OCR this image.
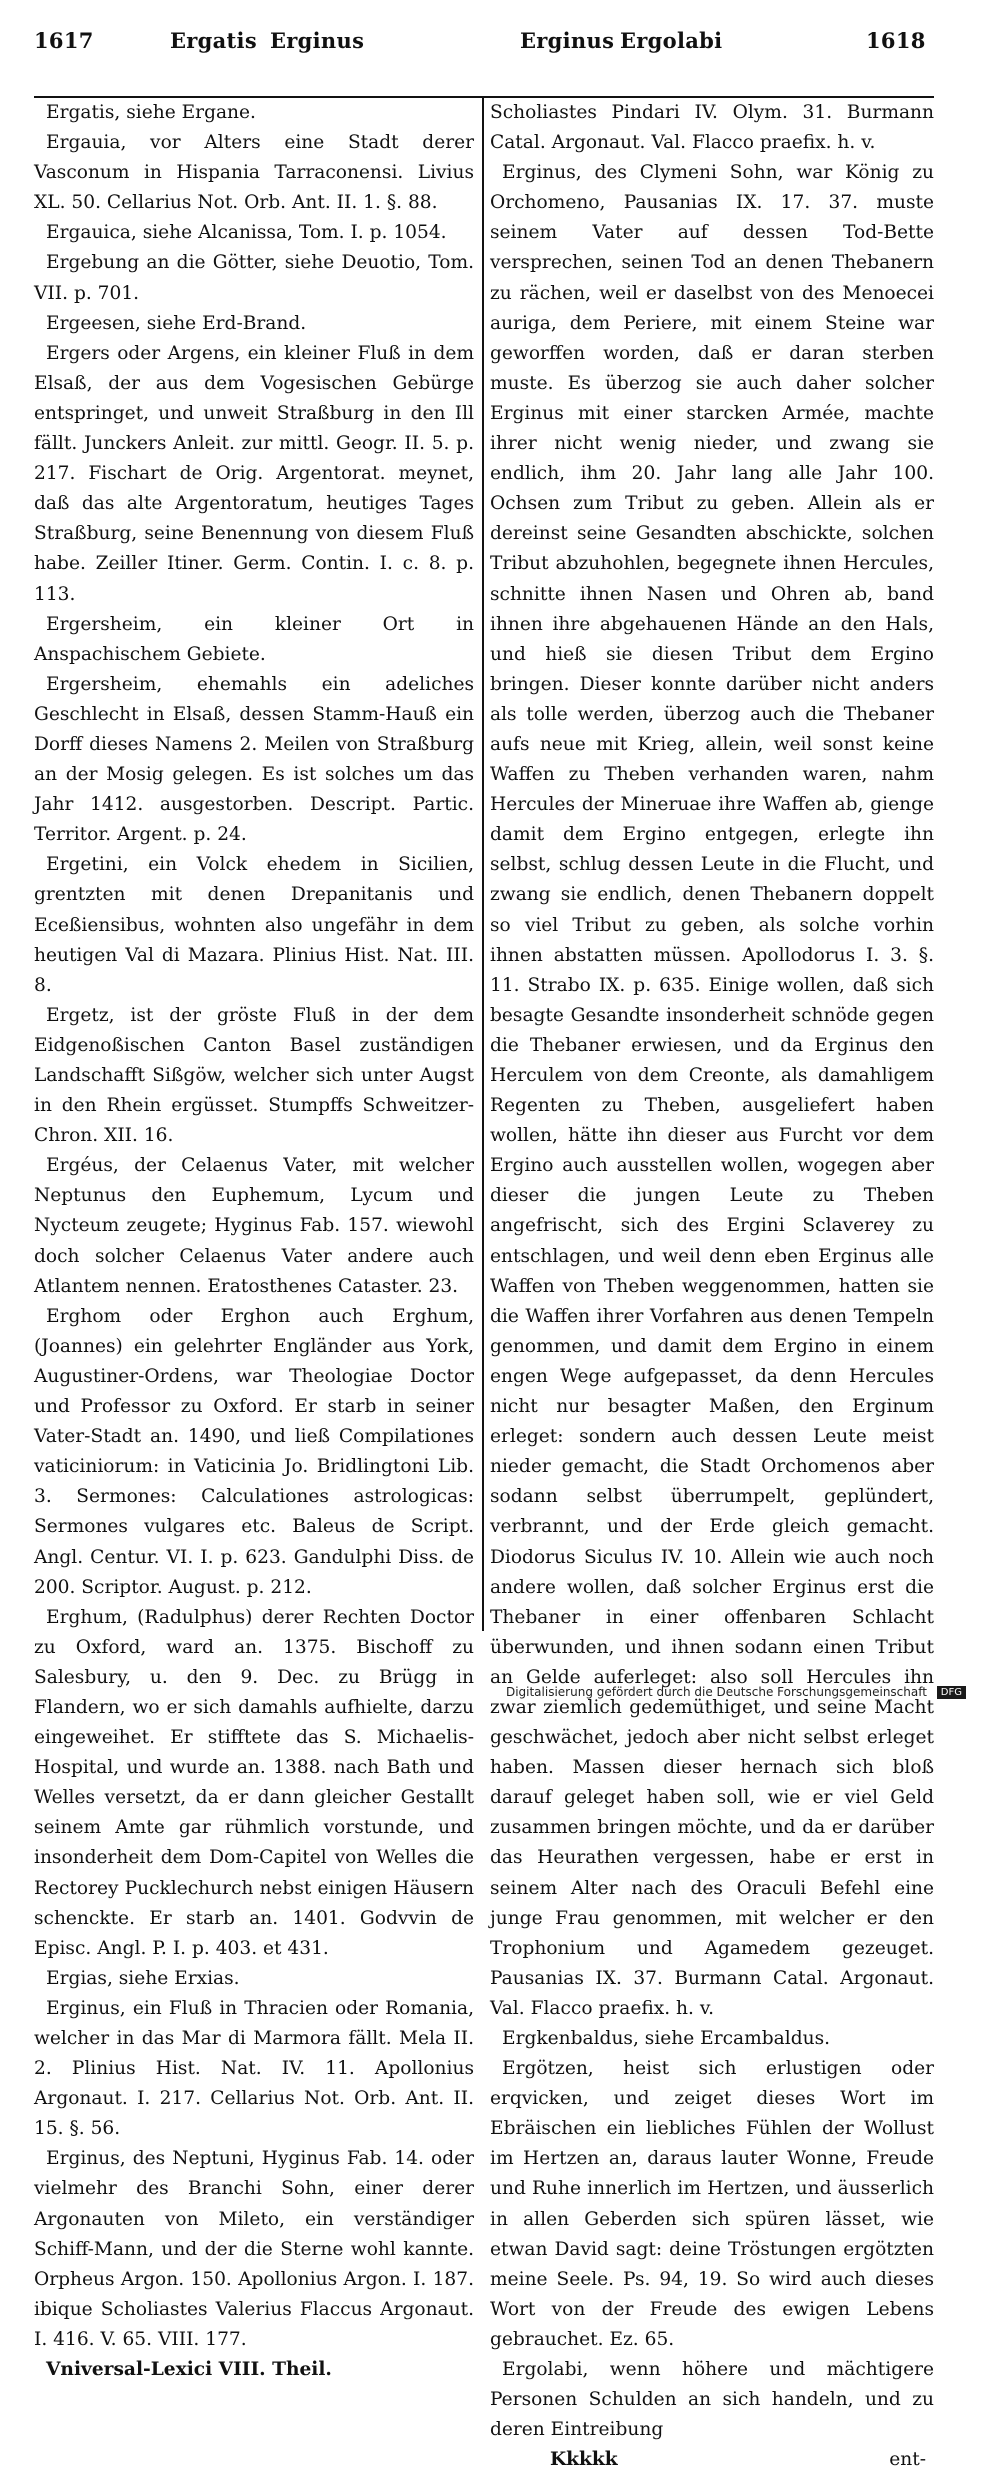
1617	Ergatis Erginus	Erginus Ergolabi	1618

Ergatis, siehe Ergane.

Ergauia, vor Alters eine Stadt derer Vasconum in Hispania Tarraconensi. Livius XL. 50. Cellarius Not. Orb. Ant. II. 1. §. 88.

Ergauica, siehe Alcanissa, Tom. I. p. 1054.

Ergebung an die Götter, siehe Deuotio, Tom. VII. p. 701.

Ergeesen, siehe Erd-Brand.

Ergers oder Argens, ein kleiner Fluß in dem Elsaß, der aus dem Vogesischen Gebürge entspringet, und unweit Straßburg in den Ill fällt. Junckers Anleit. zur mittl. Geogr. II. 5. p. 217. Fischart de Orig. Argentorat. meynet, daß das alte Argentoratum, heutiges Tages Straßburg, seine Benennung von diesem Fluß habe. Zeiller Itiner. Germ. Contin. I. c. 8. p. 113.

Ergersheim, ein kleiner Ort in Anspachischem Gebiete.

Ergersheim, ehemahls ein adeliches Geschlecht in Elsaß, dessen Stamm-Hauß ein Dorff dieses Namens 2. Meilen von Straßburg an der Mosig gelegen. Es ist solches um das Jahr 1412. ausgestorben. Descript. Partic. Territor. Argent. p. 24.

Ergetini, ein Volck ehedem in Sicilien, grentzten mit denen Drepanitanis und Eceßiensibus, wohnten also ungefähr in dem heutigen Val di Mazara. Plinius Hist. Nat. III. 8.

Ergetz, ist der gröste Fluß in der dem Eidgenoßischen Canton Basel zuständigen Landschafft Sißgöw, welcher sich unter Augst in den Rhein ergüsset. Stumpffs Schweitzer-Chron. XII. 16.

Ergéus, der Celaenus Vater, mit welcher Neptunus den Euphemum, Lycum und Nycteum zeugete; Hyginus Fab. 157. wiewohl doch solcher Celaenus Vater andere auch Atlantem nennen. Eratosthenes Cataster. 23.

Erghom oder Erghon auch Erghum, (Joannes) ein gelehrter Engländer aus York, Augustiner-Ordens, war Theologiae Doctor und Professor zu Oxford. Er starb in seiner Vater-Stadt an. 1490, und ließ Compilationes vaticiniorum: in Vaticinia Jo. Bridlingtoni Lib. 3. Sermones: Calculationes astrologicas: Sermones vulgares etc. Baleus de Script. Angl. Centur. VI. I. p. 623. Gandulphi Diss. de 200. Scriptor. August. p. 212.

Erghum, (Radulphus) derer Rechten Doctor zu Oxford, ward an. 1375. Bischoff zu Salesbury, u. den 9. Dec. zu Brügg in Flandern, wo er sich damahls aufhielte, darzu eingeweihet. Er stifftete das S. Michaelis-Hospital, und wurde an. 1388. nach Bath und Welles versetzt, da er dann gleicher Gestallt seinem Amte gar rühmlich vorstunde, und insonderheit dem Dom-Capitel von Welles die Rectorey Pucklechurch nebst einigen Häusern schenckte. Er starb an. 1401. Godvvin de Episc. Angl. P. I. p. 403. et 431.

Ergias, siehe Erxias.

Erginus, ein Fluß in Thracien oder Romania, welcher in das Mar di Marmora fällt. Mela II. 2. Plinius Hist. Nat. IV. 11. Apollonius Argonaut. I. 217. Cellarius Not. Orb. Ant. II. 15. §. 56.

Erginus, des Neptuni, Hyginus Fab. 14. oder vielmehr des Branchi Sohn, einer derer Argonauten von Mileto, ein verständiger Schiff-Mann, und der die Sterne wohl kannte. Orpheus Argon. 150. Apollonius Argon. I. 187. ibique Scholiastes Valerius Flaccus Argonaut. I. 416. V. 65. VIII. 177.

Vniversal-Lexici VIII. Theil.

Scholiastes Pindari IV. Olym. 31. Burmann Catal. Argonaut. Val. Flacco praefix. h. v.

Erginus, des Clymeni Sohn, war König zu Orchomeno, Pausanias IX. 17. 37. muste seinem Vater auf dessen Tod-Bette versprechen, seinen Tod an denen Thebanern zu rächen, weil er daselbst von des Menoecei auriga, dem Periere, mit einem Steine war geworffen worden, daß er daran sterben muste. Es überzog sie auch daher solcher Erginus mit einer starcken Armée, machte ihrer nicht wenig nieder, und zwang sie endlich, ihm 20. Jahr lang alle Jahr 100. Ochsen zum Tribut zu geben. Allein als er dereinst seine Gesandten abschickte, solchen Tribut abzuhohlen, begegnete ihnen Hercules, schnitte ihnen Nasen und Ohren ab, band ihnen ihre abgehauenen Hände an den Hals, und hieß sie diesen Tribut dem Ergino bringen. Dieser konnte darüber nicht anders als tolle werden, überzog auch die Thebaner aufs neue mit Krieg, allein, weil sonst keine Waffen zu Theben verhanden waren, nahm Hercules der Mineruae ihre Waffen ab, gienge damit dem Ergino entgegen, erlegte ihn selbst, schlug dessen Leute in die Flucht, und zwang sie endlich, denen Thebanern doppelt so viel Tribut zu geben, als solche vorhin ihnen abstatten müssen. Apollodorus I. 3. §. 11. Strabo IX. p. 635. Einige wollen, daß sich besagte Gesandte insonderheit schnöde gegen die Thebaner erwiesen, und da Erginus den Herculem von dem Creonte, als damahligem Regenten zu Theben, ausgeliefert haben wollen, hätte ihn dieser aus Furcht vor dem Ergino auch ausstellen wollen, wogegen aber dieser die jungen Leute zu Theben angefrischt, sich des Ergini Sclaverey zu entschlagen, und weil denn eben Erginus alle Waffen von Theben weggenommen, hatten sie die Waffen ihrer Vorfahren aus denen Tempeln genommen, und damit dem Ergino in einem engen Wege aufgepasset, da denn Hercules nicht nur besagter Maßen, den Erginum erleget: sondern auch dessen Leute meist nieder gemacht, die Stadt Orchomenos aber sodann selbst überrumpelt, geplündert, verbrannt, und der Erde gleich gemacht. Diodorus Siculus IV. 10. Allein wie auch noch andere wollen, daß solcher Erginus erst die Thebaner in einer offenbaren Schlacht überwunden, und ihnen sodann einen Tribut an Gelde auferleget: also soll Hercules ihn zwar ziemlich gedemüthiget, und seine Macht geschwächet, jedoch aber nicht selbst erleget haben. Massen dieser hernach sich bloß darauf geleget haben soll, wie er viel Geld zusammen bringen möchte, und da er darüber das Heurathen vergessen, habe er erst in seinem Alter nach des Oraculi Befehl eine junge Frau genommen, mit welcher er den Trophonium und Agamedem gezeuget. Pausanias IX. 37. Burmann Catal. Argonaut. Val. Flacco praefix. h. v.

Ergkenbaldus, siehe Ercambaldus.

Ergötzen, heist sich erlustigen oder erqvicken, und zeiget dieses Wort im Ebräischen ein liebliches Fühlen der Wollust im Hertzen an, daraus lauter Wonne, Freude und Ruhe innerlich im Hertzen, und äusserlich in allen Geberden sich spüren lässet, wie etwan David sagt: deine Tröstungen ergötzten meine Seele. Ps. 94, 19. So wird auch dieses Wort von der Freude des ewigen Lebens gebrauchet. Ez. 65.

Ergolabi, wenn höhere und mächtigere Personen Schulden an sich handeln, und zu deren Eintreibung

Kkkkk	ent-

Digitalisierung gefördert durch die Deutsche Forschungsgemeinschaft DFG
